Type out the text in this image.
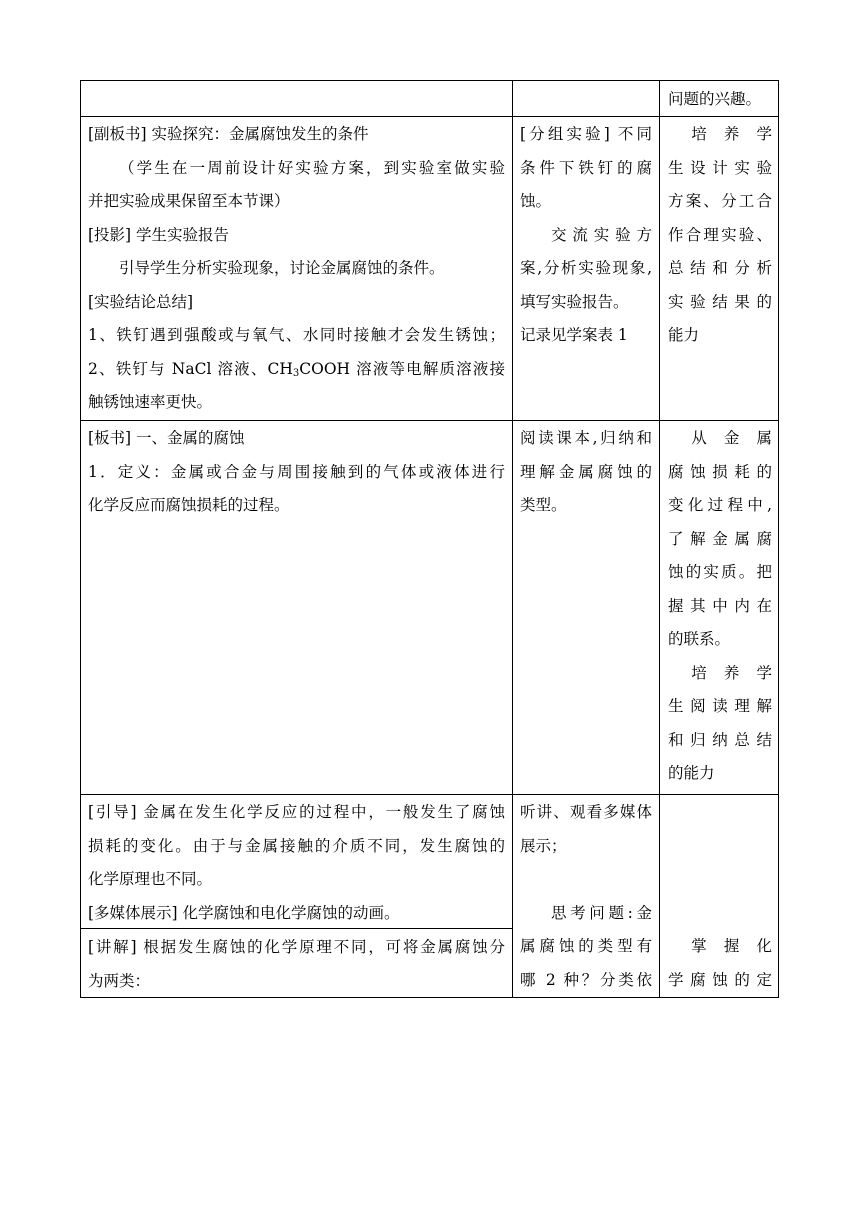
问题的兴趣。

[副板书] 实验探究：金属腐蚀发生的条件

（学生在一周前设计好实验方案，到实验室做实验

并把实验成果保留至本节课）

[投影] 学生实验报告

引导学生分析实验现象，讨论金属腐蚀的条件。

[实验结论总结]

1、铁钉遇到强酸或与氧气、水同时接触才会发生锈蚀；

2、铁钉与 NaCl 溶液、$CH_3COOH$ 溶液等电解质溶液接

触锈蚀速率更快。

[分组实验] 不同

条件下铁钉的腐

蚀。

交流实验方

案,分析实验现象,

填写实验报告。

记录见学案表 1

培 养 学

生设计实验

方案、分工合

作合理实验、

总结和分析

实验结果的

能力

[板书] 一、金属的腐蚀

1．定义：金属或合金与周围接触到的气体或液体进行

化学反应而腐蚀损耗的过程。

阅读课本,归纳和

理解金属腐蚀的

类型。

从 金 属

腐蚀损耗的

变化过程中,

了解金属腐

蚀的实质。把

握其中内在

的联系。

培 养 学

生阅读理解

和归纳总结

的能力

[引导] 金属在发生化学反应的过程中，一般发生了腐蚀

损耗的变化。由于与金属接触的介质不同，发生腐蚀的

化学原理也不同。

[多媒体展示] 化学腐蚀和电化学腐蚀的动画。

[讲解] 根据发生腐蚀的化学原理不同，可将金属腐蚀分

为两类：

听讲、观看多媒体

展示；

思考问题:金

属腐蚀的类型有

哪 2 种？分类依

掌 握 化

学腐蚀的定
